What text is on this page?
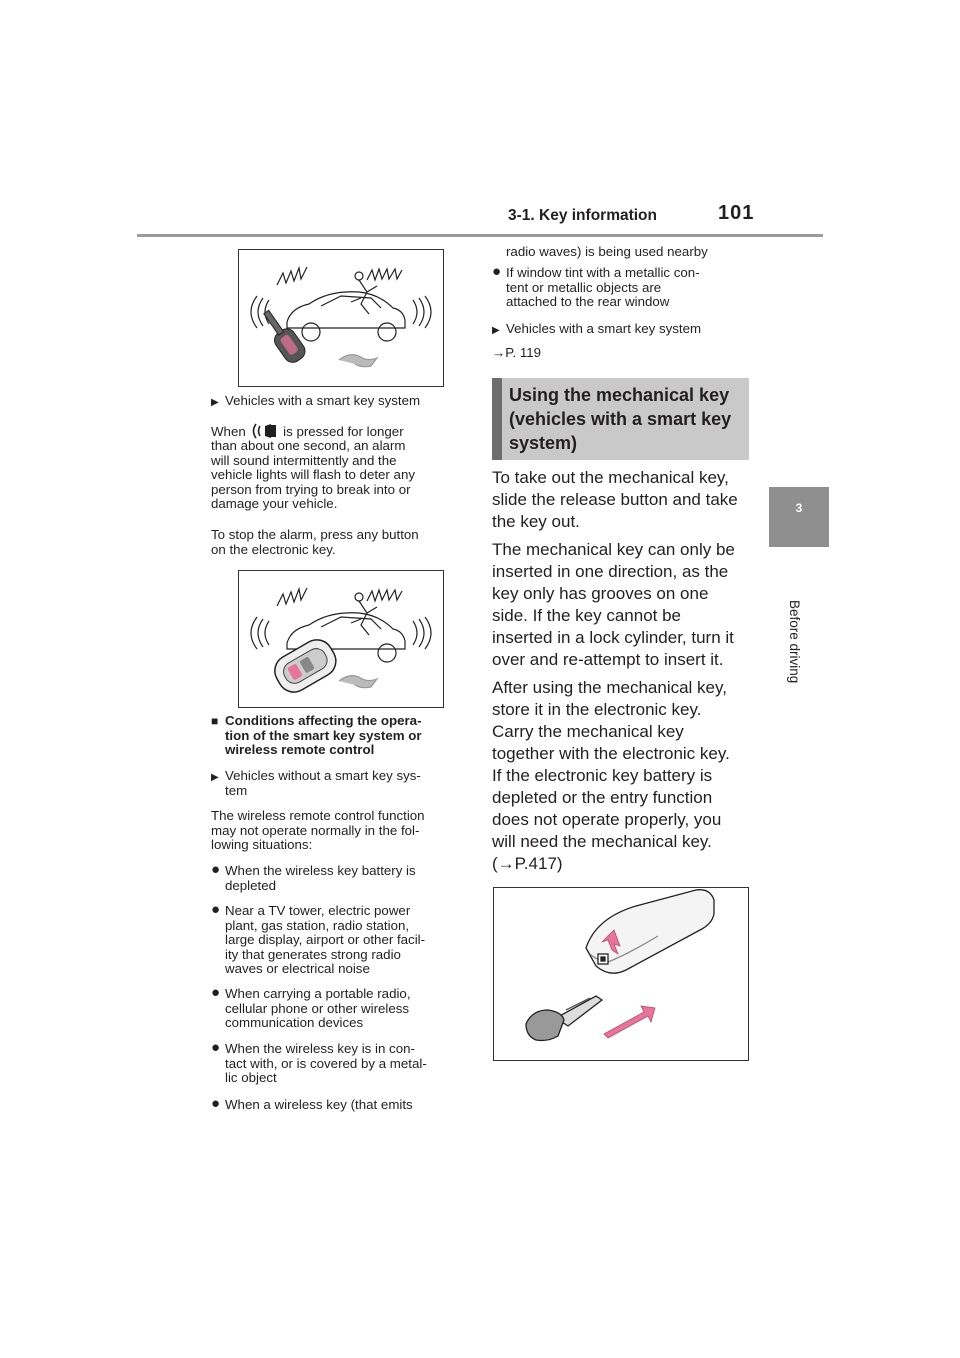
3-1. Key information	101
3
Before driving
▶ Vehicles with a smart key system
When	is pressed for longer
than about one second, an alarm
will sound intermittently and the
vehicle lights will flash to deter any
person from trying to break into or
damage your vehicle.
To stop the alarm, press any button
on the electronic key.
■ Conditions affecting the opera-
tion of the smart key system or
wireless remote control
▶ Vehicles without a smart key sys-
tem
The wireless remote control function
may not operate normally in the fol-
lowing situations:
● When the wireless key battery is
depleted
● Near a TV tower, electric power
plant, gas station, radio station,
large display, airport or other facil-
ity that generates strong radio
waves or electrical noise
● When carrying a portable radio,
cellular phone or other wireless
communication devices
● When the wireless key is in con-
tact with, or is covered by a metal-
lic object
● When a wireless key (that emits
radio waves) is being used nearby
● If window tint with a metallic con-
tent or metallic objects are
attached to the rear window
▶ Vehicles with a smart key system
→P. 119
Using the mechanical key
(vehicles with a smart key
system)
To take out the mechanical key,
slide the release button and take
the key out.
The mechanical key can only be
inserted in one direction, as the
key only has grooves on one
side. If the key cannot be
inserted in a lock cylinder, turn it
over and re-attempt to insert it.
After using the mechanical key,
store it in the electronic key.
Carry the mechanical key
together with the electronic key.
If the electronic key battery is
depleted or the entry function
does not operate properly, you
will need the mechanical key.
(→P.417)
